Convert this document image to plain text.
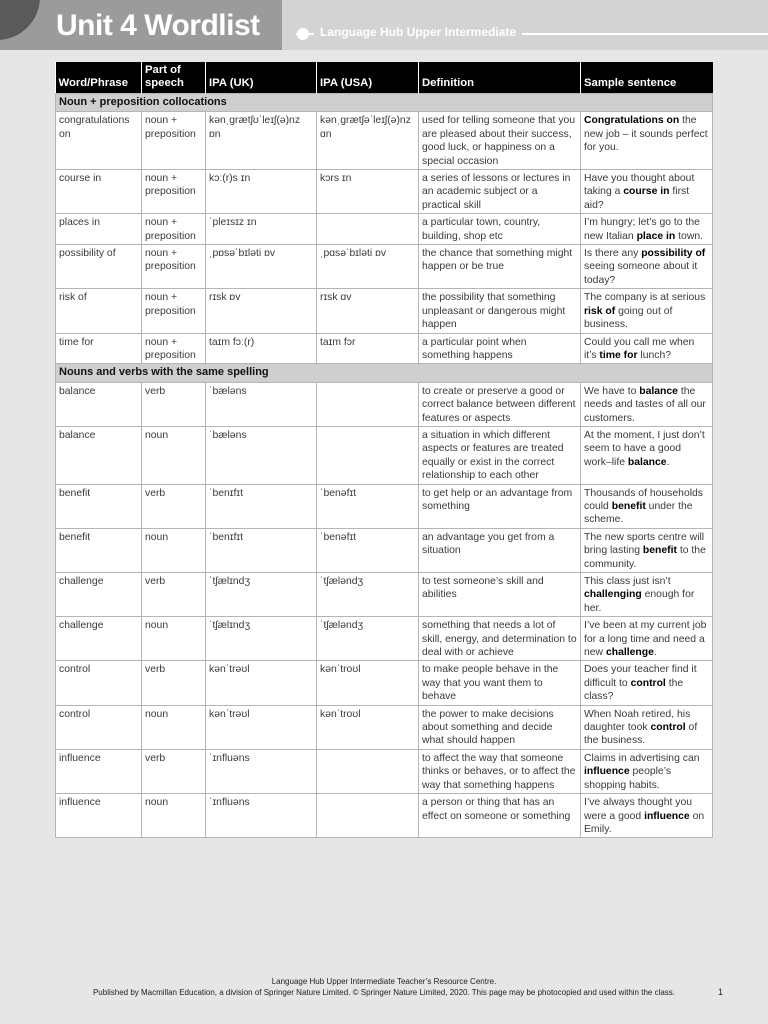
Unit 4 Wordlist	Language Hub Upper Intermediate
Word/Phrase	Part of speech	IPA (UK)	IPA (USA)	Definition	Sample sentence
Noun + preposition collocations					
congratulations on	noun + preposition	kənˌɡrætʃʊˈleɪʃ(ə)nz ɒn	kənˌɡrætʃəˈleɪʃ(ə)nz ɑn	used for telling someone that you are pleased about their success, good luck, or happiness on a special occasion	Congratulations on the new job – it sounds perfect for you.
course in	noun + preposition	kɔː(r)s ɪn	kɔrs ɪn	a series of lessons or lectures in an academic subject or a practical skill	Have you thought about taking a course in first aid?
places in	noun + preposition	ˈpleɪsɪz ɪn		a particular town, country, building, shop etc	I’m hungry; let’s go to the new Italian place in town.
possibility of	noun + preposition	ˌpɒsəˈbɪləti ɒv	ˌpɑsəˈbɪləti ɒv	the chance that something might happen or be true	Is there any possibility of seeing someone about it today?
risk of	noun + preposition	rɪsk ɒv	rɪsk ɑv	the possibility that something unpleasant or dangerous might happen	The company is at serious risk of going out of business.
time for	noun + preposition	taɪm fɔː(r)	taɪm fɔr	a particular point when something happens	Could you call me when it’s time for lunch?
Nouns and verbs with the same spelling					
balance	verb	ˈbæləns		to create or preserve a good or correct balance between different features or aspects	We have to balance the needs and tastes of all our customers.
balance	noun	ˈbæləns		a situation in which different aspects or features are treated equally or exist in the correct relationship to each other	At the moment, I just don’t seem to have a good work–life balance.
benefit	verb	ˈbenɪfɪt	ˈbenəfɪt	to get help or an advantage from something	Thousands of households could benefit under the scheme.
benefit	noun	ˈbenɪfɪt	ˈbenəfɪt	an advantage you get from a situation	The new sports centre will bring lasting benefit to the community.
challenge	verb	ˈtʃælɪndʒ	ˈtʃæləndʒ	to test someone’s skill and abilities	This class just isn’t challenging enough for her.
challenge	noun	ˈtʃælɪndʒ	ˈtʃæləndʒ	something that needs a lot of skill, energy, and determination to deal with or achieve	I’ve been at my current job for a long time and need a new challenge.
control	verb	kənˈtrəʊl	kənˈtroʊl	to make people behave in the way that you want them to behave	Does your teacher find it difficult to control the class?
control	noun	kənˈtrəʊl	kənˈtroʊl	the power to make decisions about something and decide what should happen	When Noah retired, his daughter took control of the business.
influence	verb	ˈɪnfluəns		to affect the way that someone thinks or behaves, or to affect the way that something happens	Claims in advertising can influence people’s shopping habits.
influence	noun	ˈɪnfluəns		a person or thing that has an effect on someone or something	I’ve always thought you were a good influence on Emily.
Language Hub Upper Intermediate Teacher’s Resource Centre.
Published by Macmillan Education, a division of Springer Nature Limited. © Springer Nature Limited, 2020. This page may be photocopied and used within the class.	1
